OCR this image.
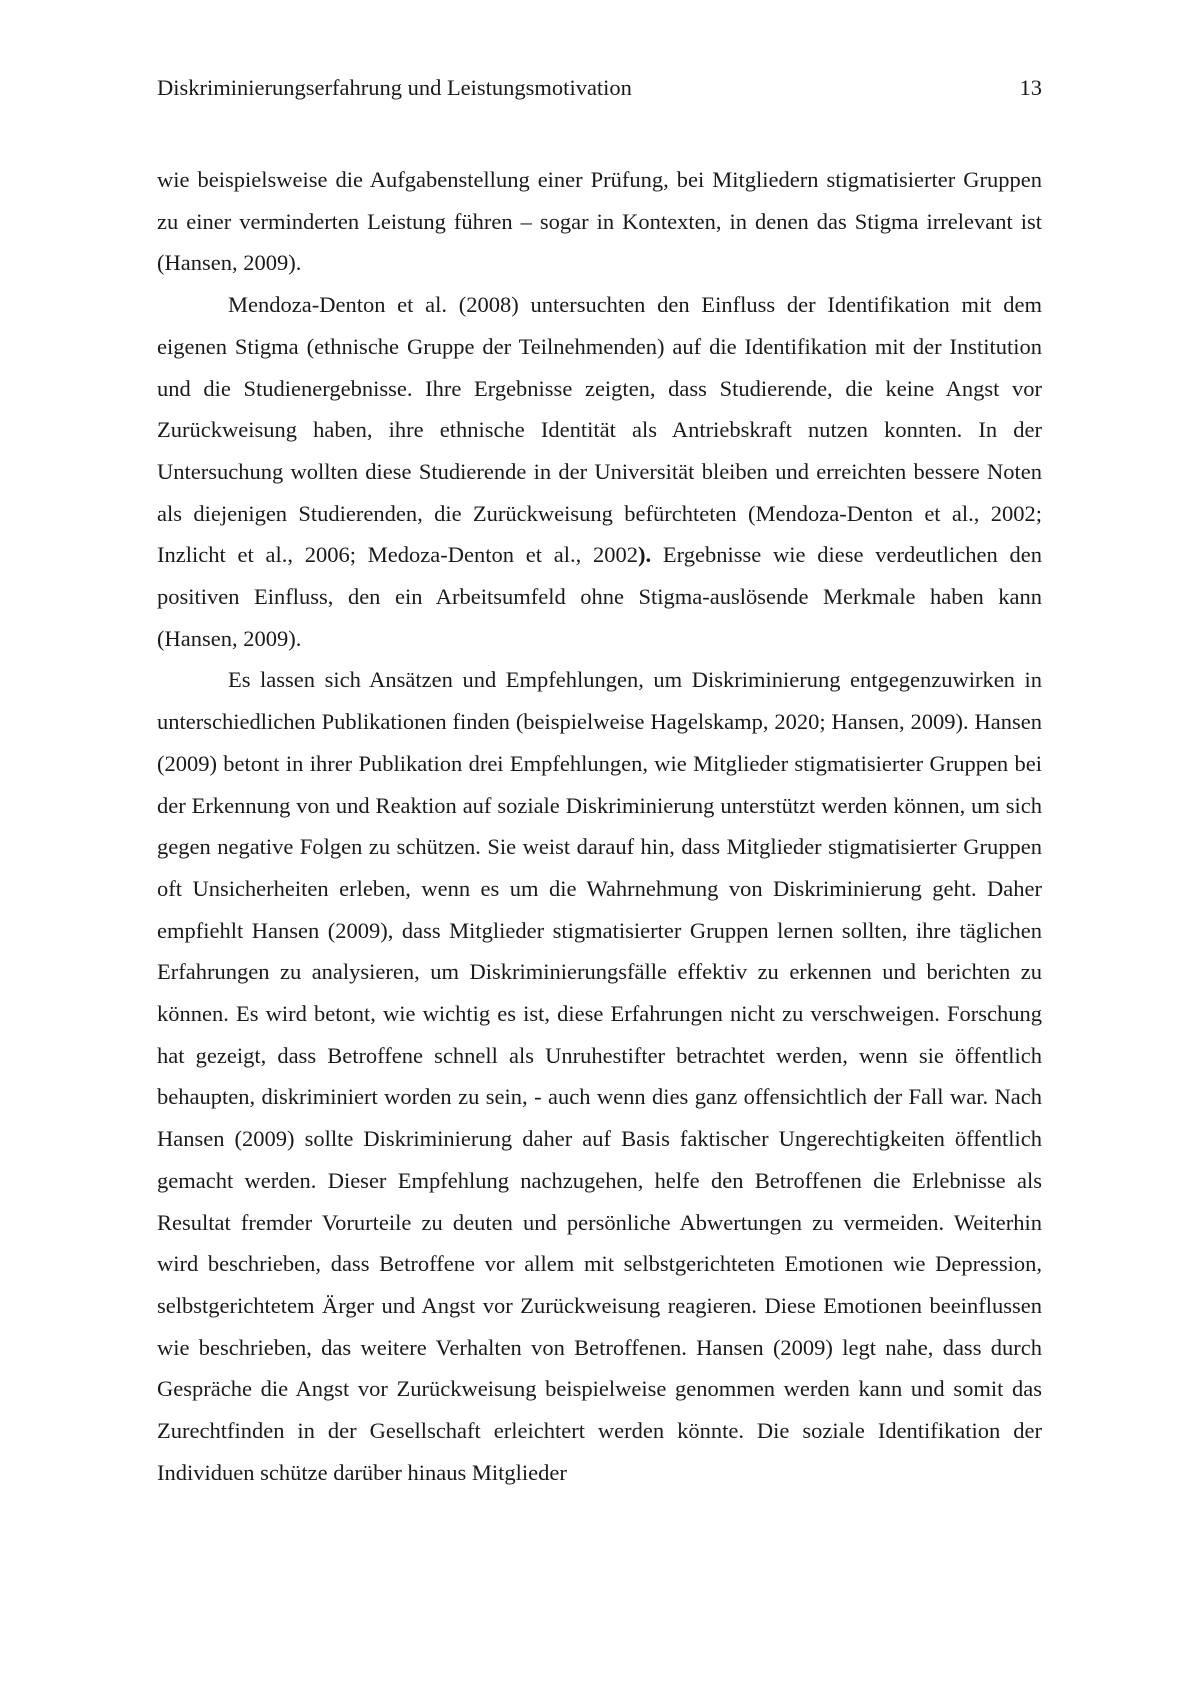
Diskriminierungserfahrung und Leistungsmotivation	13

wie beispielsweise die Aufgabenstellung einer Prüfung, bei Mitgliedern stigmatisierter Gruppen zu einer verminderten Leistung führen – sogar in Kontexten, in denen das Stigma irrelevant ist (Hansen, 2009).

Mendoza-Denton et al. (2008) untersuchten den Einfluss der Identifikation mit dem eigenen Stigma (ethnische Gruppe der Teilnehmenden) auf die Identifikation mit der Institution und die Studienergebnisse. Ihre Ergebnisse zeigten, dass Studierende, die keine Angst vor Zurückweisung haben, ihre ethnische Identität als Antriebskraft nutzen konnten. In der Untersuchung wollten diese Studierende in der Universität bleiben und erreichten bessere Noten als diejenigen Studierenden, die Zurückweisung befürchteten (Mendoza-Denton et al., 2002; Inzlicht et al., 2006; Medoza-Denton et al., 2002). Ergebnisse wie diese verdeutlichen den positiven Einfluss, den ein Arbeitsumfeld ohne Stigma-auslösende Merkmale haben kann (Hansen, 2009).

Es lassen sich Ansätzen und Empfehlungen, um Diskriminierung entgegenzuwirken in unterschiedlichen Publikationen finden (beispielweise Hagelskamp, 2020; Hansen, 2009). Hansen (2009) betont in ihrer Publikation drei Empfehlungen, wie Mitglieder stigmatisierter Gruppen bei der Erkennung von und Reaktion auf soziale Diskriminierung unterstützt werden können, um sich gegen negative Folgen zu schützen. Sie weist darauf hin, dass Mitglieder stigmatisierter Gruppen oft Unsicherheiten erleben, wenn es um die Wahrnehmung von Diskriminierung geht. Daher empfiehlt Hansen (2009), dass Mitglieder stigmatisierter Gruppen lernen sollten, ihre täglichen Erfahrungen zu analysieren, um Diskriminierungsfälle effektiv zu erkennen und berichten zu können. Es wird betont, wie wichtig es ist, diese Erfahrungen nicht zu verschweigen. Forschung hat gezeigt, dass Betroffene schnell als Unruhestifter betrachtet werden, wenn sie öffentlich behaupten, diskriminiert worden zu sein, - auch wenn dies ganz offensichtlich der Fall war. Nach Hansen (2009) sollte Diskriminierung daher auf Basis faktischer Ungerechtigkeiten öffentlich gemacht werden. Dieser Empfehlung nachzugehen, helfe den Betroffenen die Erlebnisse als Resultat fremder Vorurteile zu deuten und persönliche Abwertungen zu vermeiden. Weiterhin wird beschrieben, dass Betroffene vor allem mit selbstgerichteten Emotionen wie Depression, selbstgerichtetem Ärger und Angst vor Zurückweisung reagieren. Diese Emotionen beeinflussen wie beschrieben, das weitere Verhalten von Betroffenen. Hansen (2009) legt nahe, dass durch Gespräche die Angst vor Zurückweisung beispielweise genommen werden kann und somit das Zurechtfinden in der Gesellschaft erleichtert werden könnte. Die soziale Identifikation der Individuen schütze darüber hinaus Mitglieder
